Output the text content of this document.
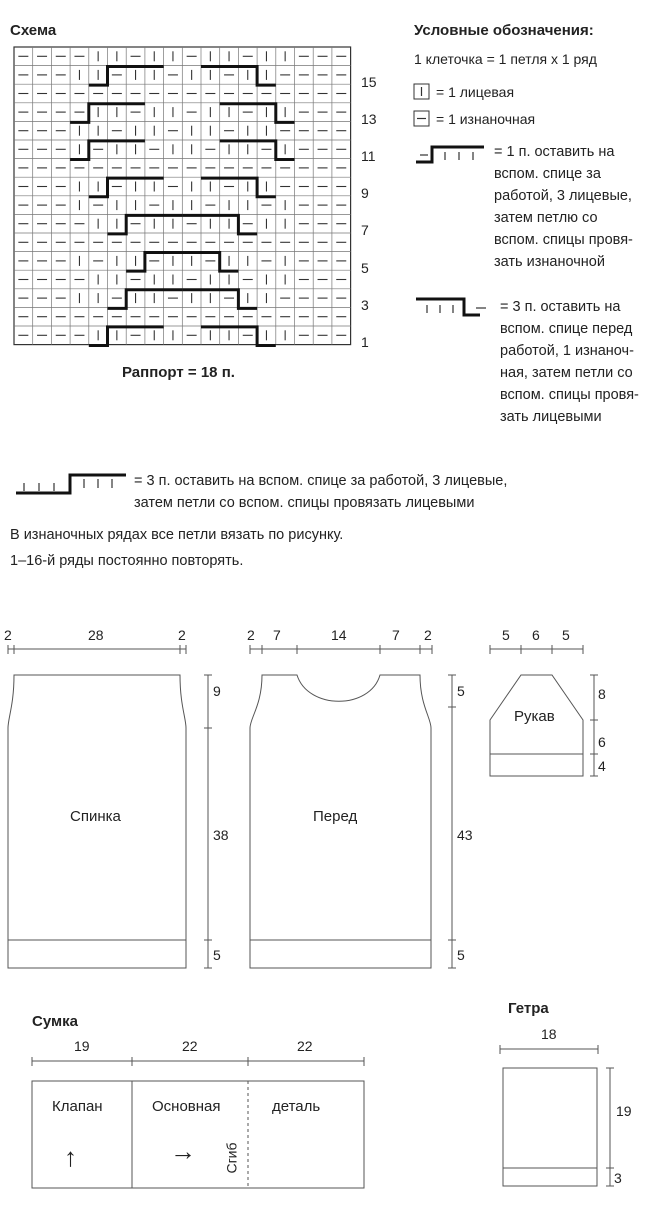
Схема
15
13
11
9
7
5
3
1
Раппорт = 18 п.
Условные обозначения:
1 клеточка = 1 петля х 1 ряд
= 1 лицевая
= 1 изнаночная
= 1 п. оставить на
вспом. спице за
работой, 3 лицевые,
затем петлю со
вспом. спицы провя-
зать изнаночной
= 3 п. оставить на
вспом. спице перед
работой, 1 изнаноч-
ная, затем петли со
вспом. спицы провя-
зать лицевыми
= 3 п. оставить на вспом. спице за работой, 3 лицевые,
затем петли со вспом. спицы провязать лицевыми
В изнаночных рядах все петли вязать по рисунку.
1–16-й ряды постоянно повторять.
2	28	2
Спинка
9
38
5
2 7	14	7 2
Перед
5
43
5
5 6 5
Рукав
8
6
4
Сумка
19	22	22
Клапан	Основная	деталь
↑	→ Сгиб
Гетра
18
19
3
